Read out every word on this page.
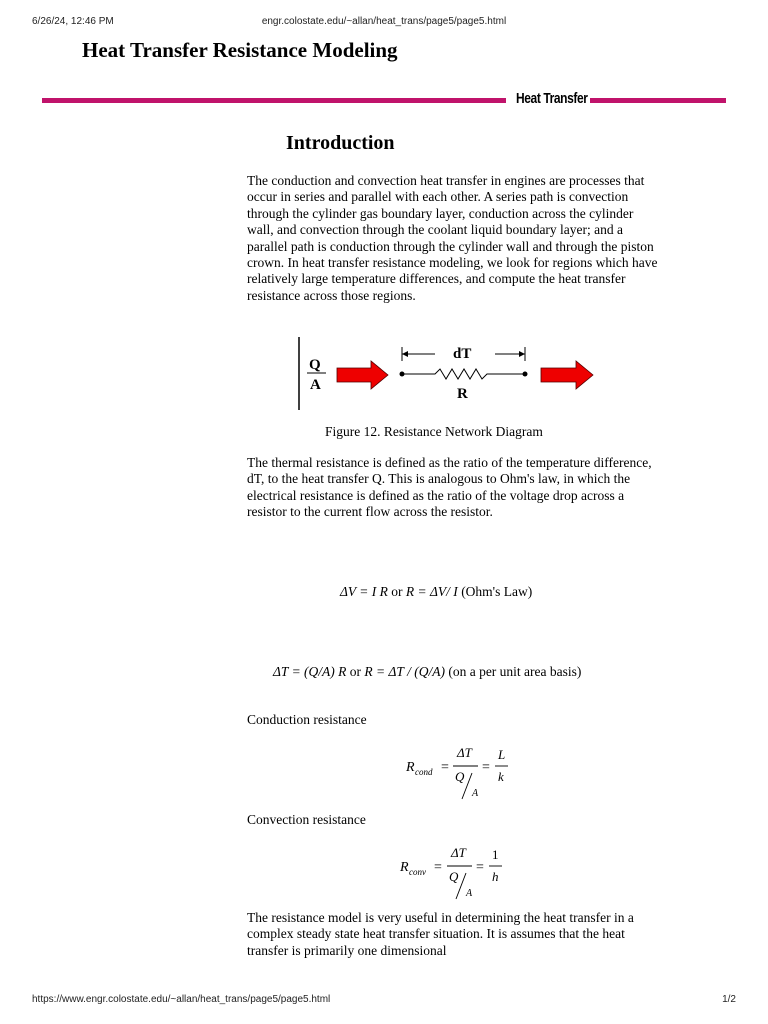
6/26/24, 12:46 PM	engr.colostate.edu/~allan/heat_trans/page5/page5.html
Heat Transfer Resistance Modeling
Heat Transfer
Introduction

The conduction and convection heat transfer in engines are processes that occur in series and parallel with each other. A series path is convection through the cylinder gas boundary layer, conduction across the cylinder wall, and convection through the coolant liquid boundary layer; and a parallel path is conduction through the cylinder wall and through the piston crown. In heat transfer resistance modeling, we look for regions which have relatively large temperature differences, and compute the heat transfer resistance across those regions.

Q
A
dT
R
Figure 12. Resistance Network Diagram

The thermal resistance is defined as the ratio of the temperature difference, dT, to the heat transfer Q. This is analogous to Ohm's law, in which the electrical resistance is defined as the ratio of the voltage drop across a resistor to the current flow across the resistor.

ΔV = I R or R = ΔV/ I (Ohm's Law)
ΔT = (Q/A) R or R = ΔT / (Q/A) (on a per unit area basis)
Conduction resistance
R cond =
ΔT
Q
A
=
L
k
Convection resistance
R conv =
ΔT
Q
A
=
1
h

The resistance model is very useful in determining the heat transfer in a complex steady state heat transfer situation. It is assumes that the heat transfer is primarily one dimensional

https://www.engr.colostate.edu/~allan/heat_trans/page5/page5.html	1/2
